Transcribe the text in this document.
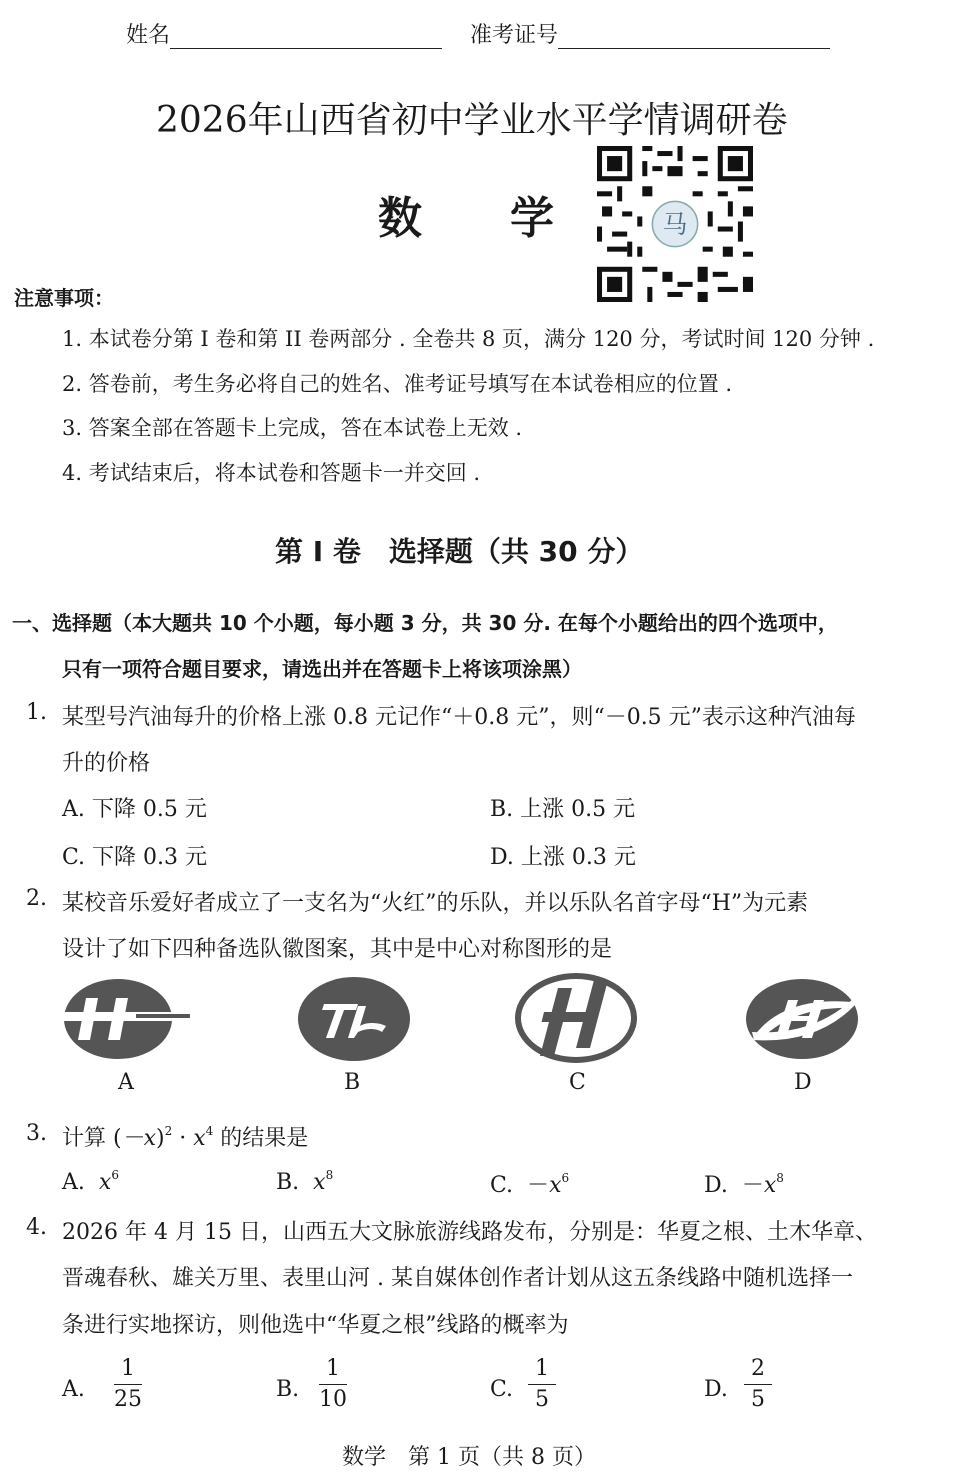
姓名	准考证号
2026年山西省初中学业水平学情调研卷
数　　学	马
注意事项：
1. 本试卷分第 I 卷和第 II 卷两部分 . 全卷共 8 页，满分 120 分，考试时间 120 分钟 .
2. 答卷前，考生务必将自己的姓名、准考证号填写在本试卷相应的位置 .
3. 答案全部在答题卡上完成，答在本试卷上无效 .
4. 考试结束后，将本试卷和答题卡一并交回 .
第 I 卷　选择题（共 30 分）
一、选择题（本大题共 10 个小题，每小题 3 分，共 30 分. 在每个小题给出的四个选项中，
只有一项符合题目要求，请选出并在答题卡上将该项涂黑）
1. 某型号汽油每升的价格上涨 0.8 元记作“＋0.8 元”，则“－0.5 元”表示这种汽油每
升的价格
A. 下降 0.5 元	B. 上涨 0.5 元
C. 下降 0.3 元	D. 上涨 0.3 元
2. 某校音乐爱好者成立了一支名为“火红”的乐队，并以乐队名首字母“H”为元素
设计了如下四种备选队徽图案，其中是中心对称图形的是
A	B	C	D
3. 计算 $(-x)^2 \cdot x^4$ 的结果是
A. $x^6$	B. $x^8$	C. $-x^6$	D. $-x^8$
4. 2026 年 4 月 15 日，山西五大文脉旅游线路发布，分别是：华夏之根、土木华章、
晋魂春秋、雄关万里、表里山河 . 某自媒体创作者计划从这五条线路中随机选择一
条进行实地探访，则他选中“华夏之根”线路的概率为
A.
1
25	B.
1
10	C.
1
5	D.
2
5
数学　第 1 页（共 8 页）
